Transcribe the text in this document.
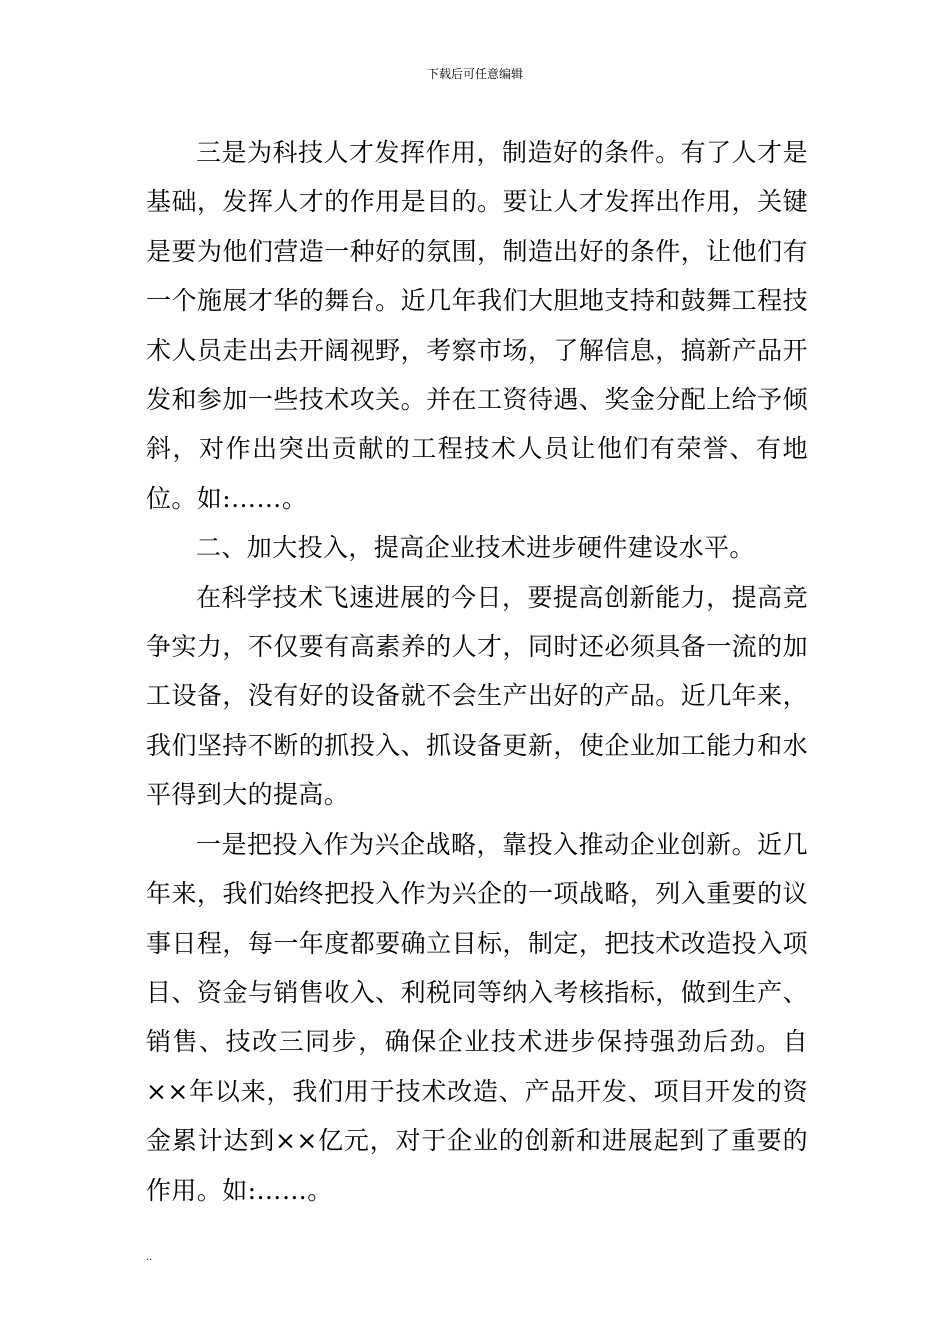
下载后可任意编辑

三是为科技人才发挥作用，制造好的条件。有了人才是基础，发挥人才的作用是目的。要让人才发挥出作用，关键是要为他们营造一种好的氛围，制造出好的条件，让他们有一个施展才华的舞台。近几年我们大胆地支持和鼓舞工程技术人员走出去开阔视野，考察市场，了解信息，搞新产品开发和参加一些技术攻关。并在工资待遇、奖金分配上给予倾斜，对作出突出贡献的工程技术人员让他们有荣誉、有地位。如:……。

二、加大投入，提高企业技术进步硬件建设水平。

在科学技术飞速进展的今日，要提高创新能力，提高竞争实力，不仅要有高素养的人才，同时还必须具备一流的加工设备，没有好的设备就不会生产出好的产品。近几年来，我们坚持不断的抓投入、抓设备更新，使企业加工能力和水平得到大的提高。

一是把投入作为兴企战略，靠投入推动企业创新。近几年来，我们始终把投入作为兴企的一项战略，列入重要的议事日程，每一年度都要确立目标，制定，把技术改造投入项目、资金与销售收入、利税同等纳入考核指标，做到生产、销售、技改三同步，确保企业技术进步保持强劲后劲。自××年以来，我们用于技术改造、产品开发、项目开发的资金累计达到××亿元，对于企业的创新和进展起到了重要的作用。如:……。

..
